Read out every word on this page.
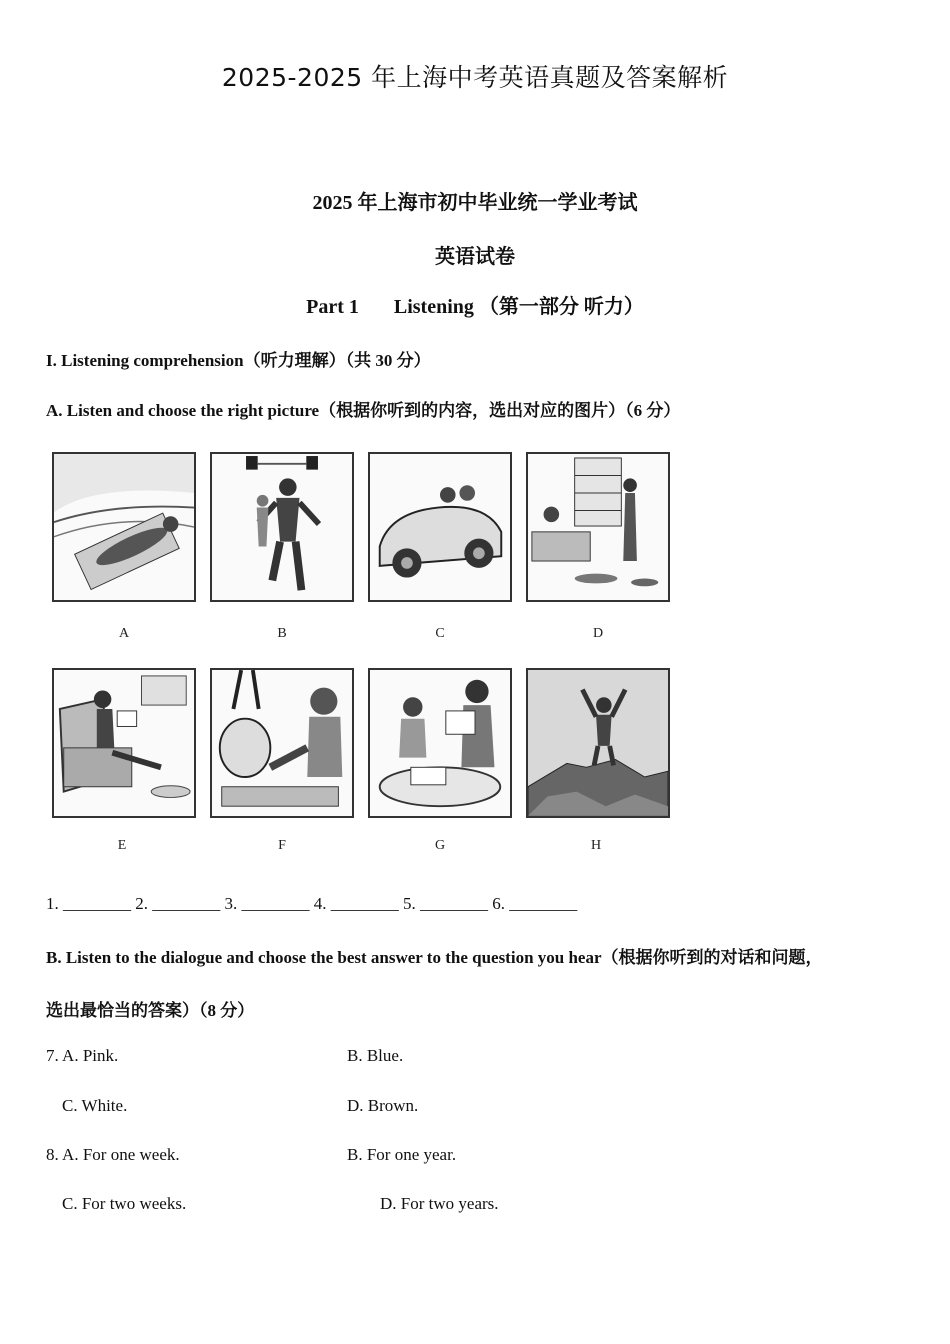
2025-2025 年上海中考英语真题及答案解析
2025 年上海市初中毕业统一学业考试
英语试卷
Part 1       Listening （第一部分 听力）
I. Listening comprehension（听力理解）（共 30 分）
A. Listen and choose the right picture（根据你听到的内容，选出对应的图片）（6 分）
A	B	C	D
E	F	G	H
1. ________ 2. ________ 3. ________ 4. ________ 5. ________ 6. ________
B. Listen to the dialogue and choose the best answer to the question you hear（根据你听到的对话和问题，
选出最恰当的答案）（8 分）
7. A. Pink.	B. Blue.
C. White.	D. Brown.
8. A. For one week.	B. For one year.
C. For two weeks.	D. For two years.
